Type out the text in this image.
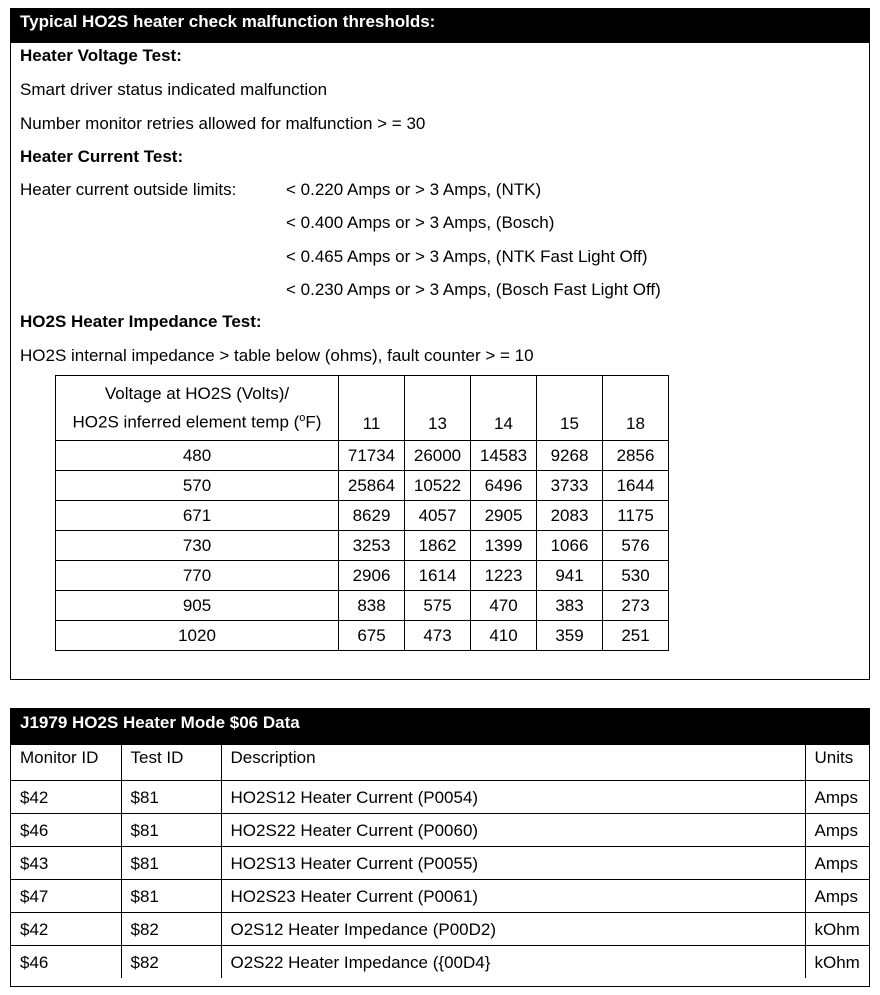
Typical HO2S heater check malfunction thresholds:
Heater Voltage Test:
Smart driver status indicated malfunction
Number monitor retries allowed for malfunction > = 30
Heater Current Test:
Heater current outside limits:	< 0.220 Amps or > 3 Amps, (NTK)
< 0.400 Amps or > 3 Amps, (Bosch)
< 0.465 Amps or > 3 Amps, (NTK Fast Light Off)
< 0.230 Amps or > 3 Amps, (Bosch Fast Light Off)
HO2S Heater Impedance Test:
HO2S internal impedance > table below (ohms), fault counter > = 10
Voltage at HO2S (Volts)/
HO2S inferred element temp ($^o$F)	11	13	14	15	18
480	71734	26000	14583	9268	2856
570	25864	10522	6496	3733	1644
671	8629	4057	2905	2083	1175
730	3253	1862	1399	1066	576
770	2906	1614	1223	941	530
905	838	575	470	383	273
1020	675	473	410	359	251
J1979 HO2S Heater Mode $06 Data
Monitor ID	Test ID	Description	Units
$42	$81	HO2S12 Heater Current (P0054)	Amps
$46	$81	HO2S22 Heater Current (P0060)	Amps
$43	$81	HO2S13 Heater Current (P0055)	Amps
$47	$81	HO2S23 Heater Current (P0061)	Amps
$42	$82	O2S12 Heater Impedance (P00D2)	kOhm
$46	$82	O2S22 Heater Impedance ({00D4}	kOhm
